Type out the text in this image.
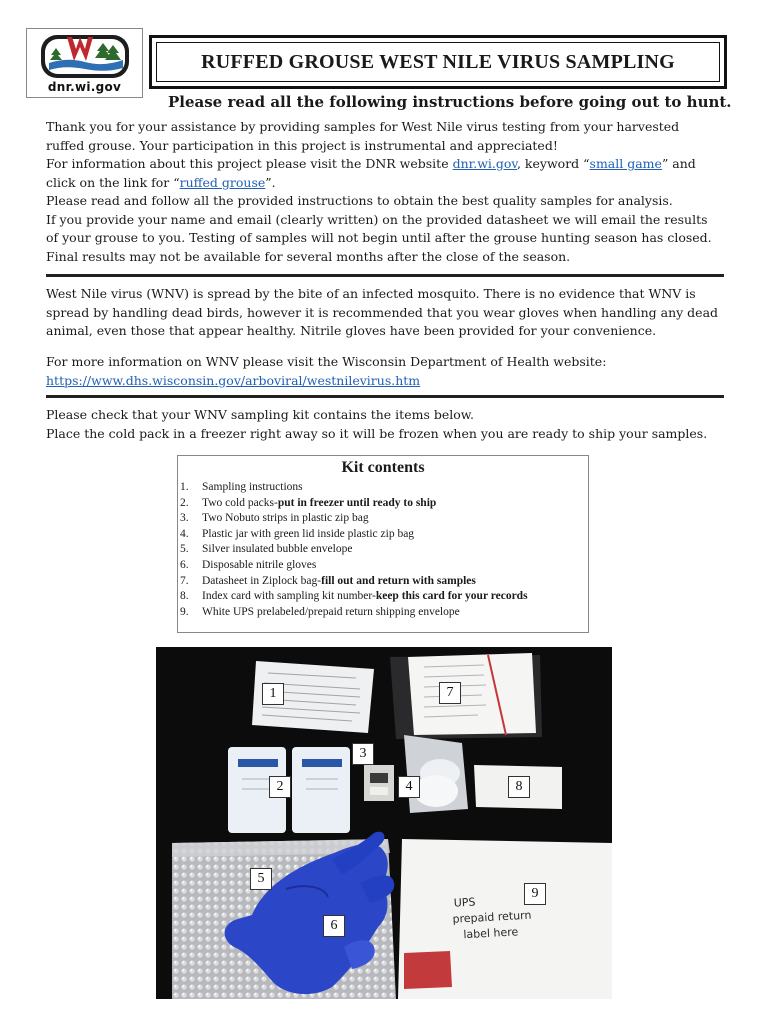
dnr.wi.gov
RUFFED GROUSE WEST NILE VIRUS SAMPLING
Please read all the following instructions before going out to hunt.

Thank you for your assistance by providing samples for West Nile virus testing from your harvested

ruffed grouse. Your participation in this project is instrumental and appreciated!

For information about this project please visit the DNR website dnr.wi.gov, keyword “small game” and

click on the link for “ruffed grouse”.

Please read and follow all the provided instructions to obtain the best quality samples for analysis.

If you provide your name and email (clearly written) on the provided datasheet we will email the results

of your grouse to you. Testing of samples will not begin until after the grouse hunting season has closed.

Final results may not be available for several months after the close of the season.

West Nile virus (WNV) is spread by the bite of an infected mosquito. There is no evidence that WNV is

spread by handling dead birds, however it is recommended that you wear gloves when handling any dead

animal, even those that appear healthy. Nitrile gloves have been provided for your convenience.

For more information on WNV please visit the Wisconsin Department of Health website:

https://www.dhs.wisconsin.gov/arboviral/westnilevirus.htm

Please check that your WNV sampling kit contains the items below.

Place the cold pack in a freezer right away so it will be frozen when you are ready to ship your samples.

Kit contents
1. Sampling instructions
2. Two cold packs-put in freezer until ready to ship
3. Two Nobuto strips in plastic zip bag
4. Plastic jar with green lid inside plastic zip bag
5. Silver insulated bubble envelope
6. Disposable nitrile gloves
7. Datasheet in Ziplock bag-fill out and return with samples
8. Index card with sampling kit number-keep this card for your records
9. White UPS prelabeled/prepaid return shipping envelope
UPS
prepaid return
label here
1
2
3
4
5
6
7
8
9
